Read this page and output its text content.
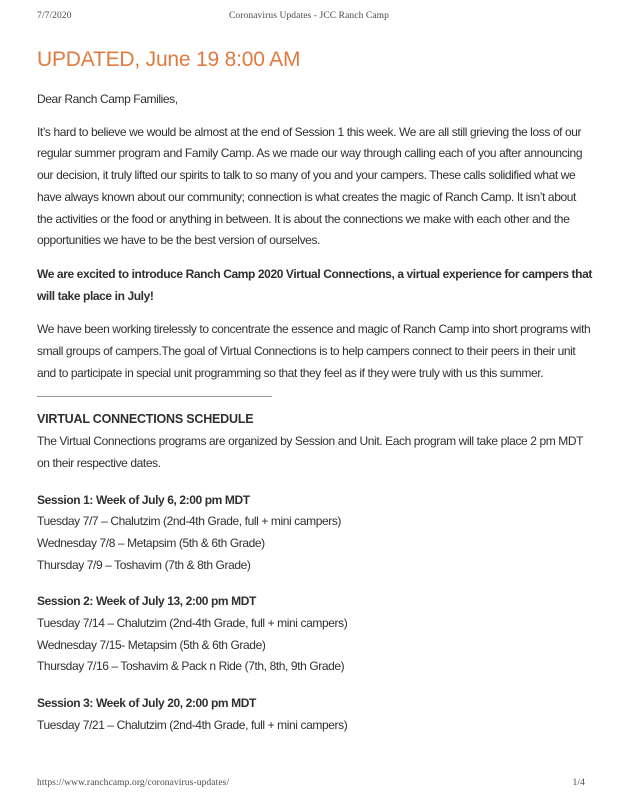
7/7/2020	Coronavirus Updates - JCC Ranch Camp
UPDATED, June 19 8:00 AM

Dear Ranch Camp Families,

It’s hard to believe we would be almost at the end of Session 1 this week. We are all still grieving the loss of our regular summer program and Family Camp. As we made our way through calling each of you after announcing our decision, it truly lifted our spirits to talk to so many of you and your campers. These calls solidified what we have always known about our community; connection is what creates the magic of Ranch Camp. It isn’t about the activities or the food or anything in between. It is about the connections we make with each other and the opportunities we have to be the best version of ourselves.

We are excited to introduce Ranch Camp 2020 Virtual Connections, a virtual experience for campers that will take place in July!

We have been working tirelessly to concentrate the essence and magic of Ranch Camp into short programs with small groups of campers.The goal of Virtual Connections is to help campers connect to their peers in their unit and to participate in special unit programming so that they feel as if they were truly with us this summer.

VIRTUAL CONNECTIONS SCHEDULE

The Virtual Connections programs are organized by Session and Unit. Each program will take place 2 pm MDT on their respective dates.

Session 1: Week of July 6, 2:00 pm MDT

Tuesday 7/7 – Chalutzim (2nd-4th Grade, full + mini campers)

Wednesday 7/8 – Metapsim (5th & 6th Grade)

Thursday 7/9 – Toshavim (7th & 8th Grade)

Session 2: Week of July 13, 2:00 pm MDT

Tuesday 7/14 – Chalutzim (2nd-4th Grade, full + mini campers)

Wednesday 7/15- Metapsim (5th & 6th Grade)

Thursday 7/16 – Toshavim & Pack n Ride (7th, 8th, 9th Grade)

Session 3: Week of July 20, 2:00 pm MDT

Tuesday 7/21 – Chalutzim (2nd-4th Grade, full + mini campers)

https://www.ranchcamp.org/coronavirus-updates/	1/4
